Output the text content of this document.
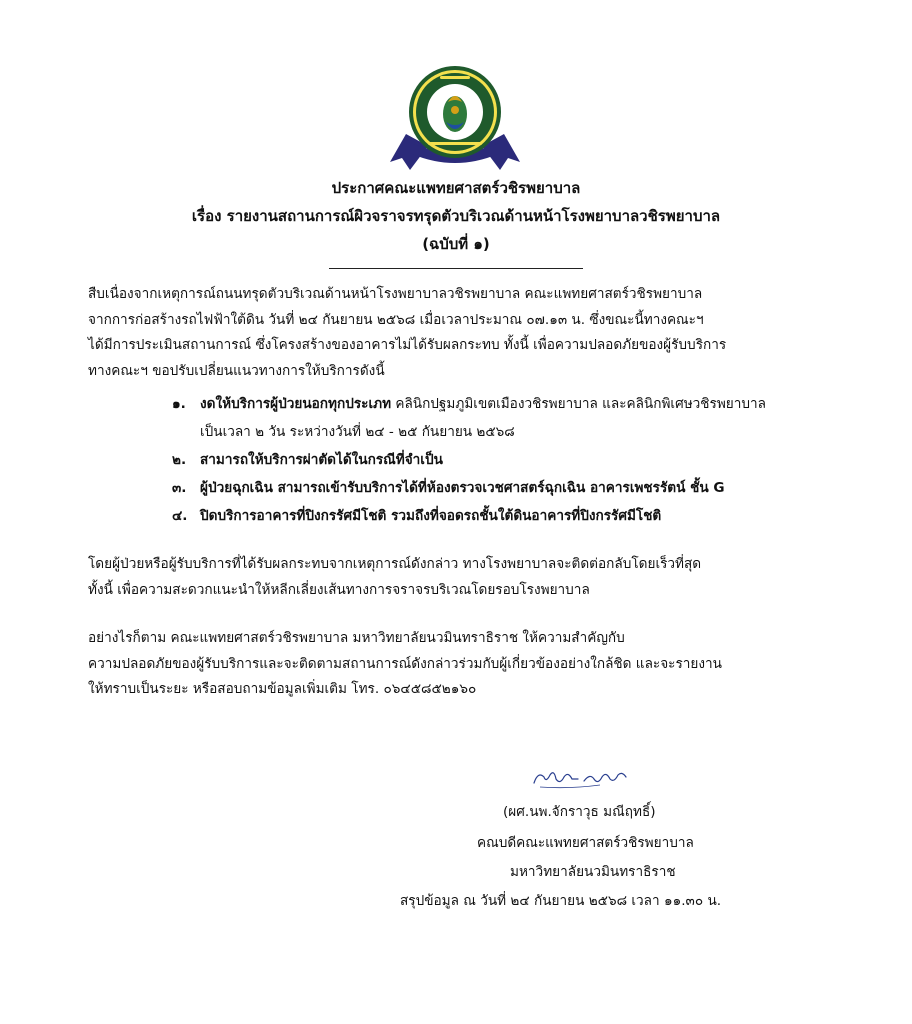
ประกาศคณะแพทยศาสตร์วชิรพยาบาล
เรื่อง รายงานสถานการณ์ผิวจราจรทรุดตัวบริเวณด้านหน้าโรงพยาบาลวชิรพยาบาล
(ฉบับที่ ๑)
สืบเนื่องจากเหตุการณ์ถนนทรุดตัวบริเวณด้านหน้าโรงพยาบาลวชิรพยาบาล คณะแพทยศาสตร์วชิรพยาบาล
จากการก่อสร้างรถไฟฟ้าใต้ดิน วันที่ ๒๔ กันยายน ๒๕๖๘ เมื่อเวลาประมาณ ๐๗.๑๓ น. ซึ่งขณะนี้ทางคณะฯ
ได้มีการประเมินสถานการณ์ ซึ่งโครงสร้างของอาคารไม่ได้รับผลกระทบ ทั้งนี้ เพื่อความปลอดภัยของผู้รับบริการ
ทางคณะฯ ขอปรับเปลี่ยนแนวทางการให้บริการดังนี้
๑. งดให้บริการผู้ป่วยนอกทุกประเภท คลินิกปฐมภูมิเขตเมืองวชิรพยาบาล และคลินิกพิเศษวชิรพยาบาล
เป็นเวลา ๒ วัน ระหว่างวันที่ ๒๔ - ๒๕ กันยายน ๒๕๖๘
๒. สามารถให้บริการผ่าตัดได้ในกรณีที่จำเป็น
๓. ผู้ป่วยฉุกเฉิน สามารถเข้ารับบริการได้ที่ห้องตรวจเวชศาสตร์ฉุกเฉิน อาคารเพชรรัตน์ ชั้น G
๔. ปิดบริการอาคารที่ปิงกรรัศมีโชติ รวมถึงที่จอดรถชั้นใต้ดินอาคารที่ปิงกรรัศมีโชติ
โดยผู้ป่วยหรือผู้รับบริการที่ได้รับผลกระทบจากเหตุการณ์ดังกล่าว ทางโรงพยาบาลจะติดต่อกลับโดยเร็วที่สุด
ทั้งนี้ เพื่อความสะดวกแนะนำให้หลีกเลี่ยงเส้นทางการจราจรบริเวณโดยรอบโรงพยาบาล
อย่างไรก็ตาม คณะแพทยศาสตร์วชิรพยาบาล มหาวิทยาลัยนวมินทราธิราช ให้ความสำคัญกับ
ความปลอดภัยของผู้รับบริการและจะติดตามสถานการณ์ดังกล่าวร่วมกับผู้เกี่ยวข้องอย่างใกล้ชิด และจะรายงาน
ให้ทราบเป็นระยะ หรือสอบถามข้อมูลเพิ่มเติม โทร. ๐๖๔๕๘๕๒๑๖๐
(ผศ.นพ.จักราวุธ มณีฤทธิ์)
คณบดีคณะแพทยศาสตร์วชิรพยาบาล
มหาวิทยาลัยนวมินทราธิราช
สรุปข้อมูล ณ วันที่ ๒๔ กันยายน ๒๕๖๘ เวลา ๑๑.๓๐ น.
